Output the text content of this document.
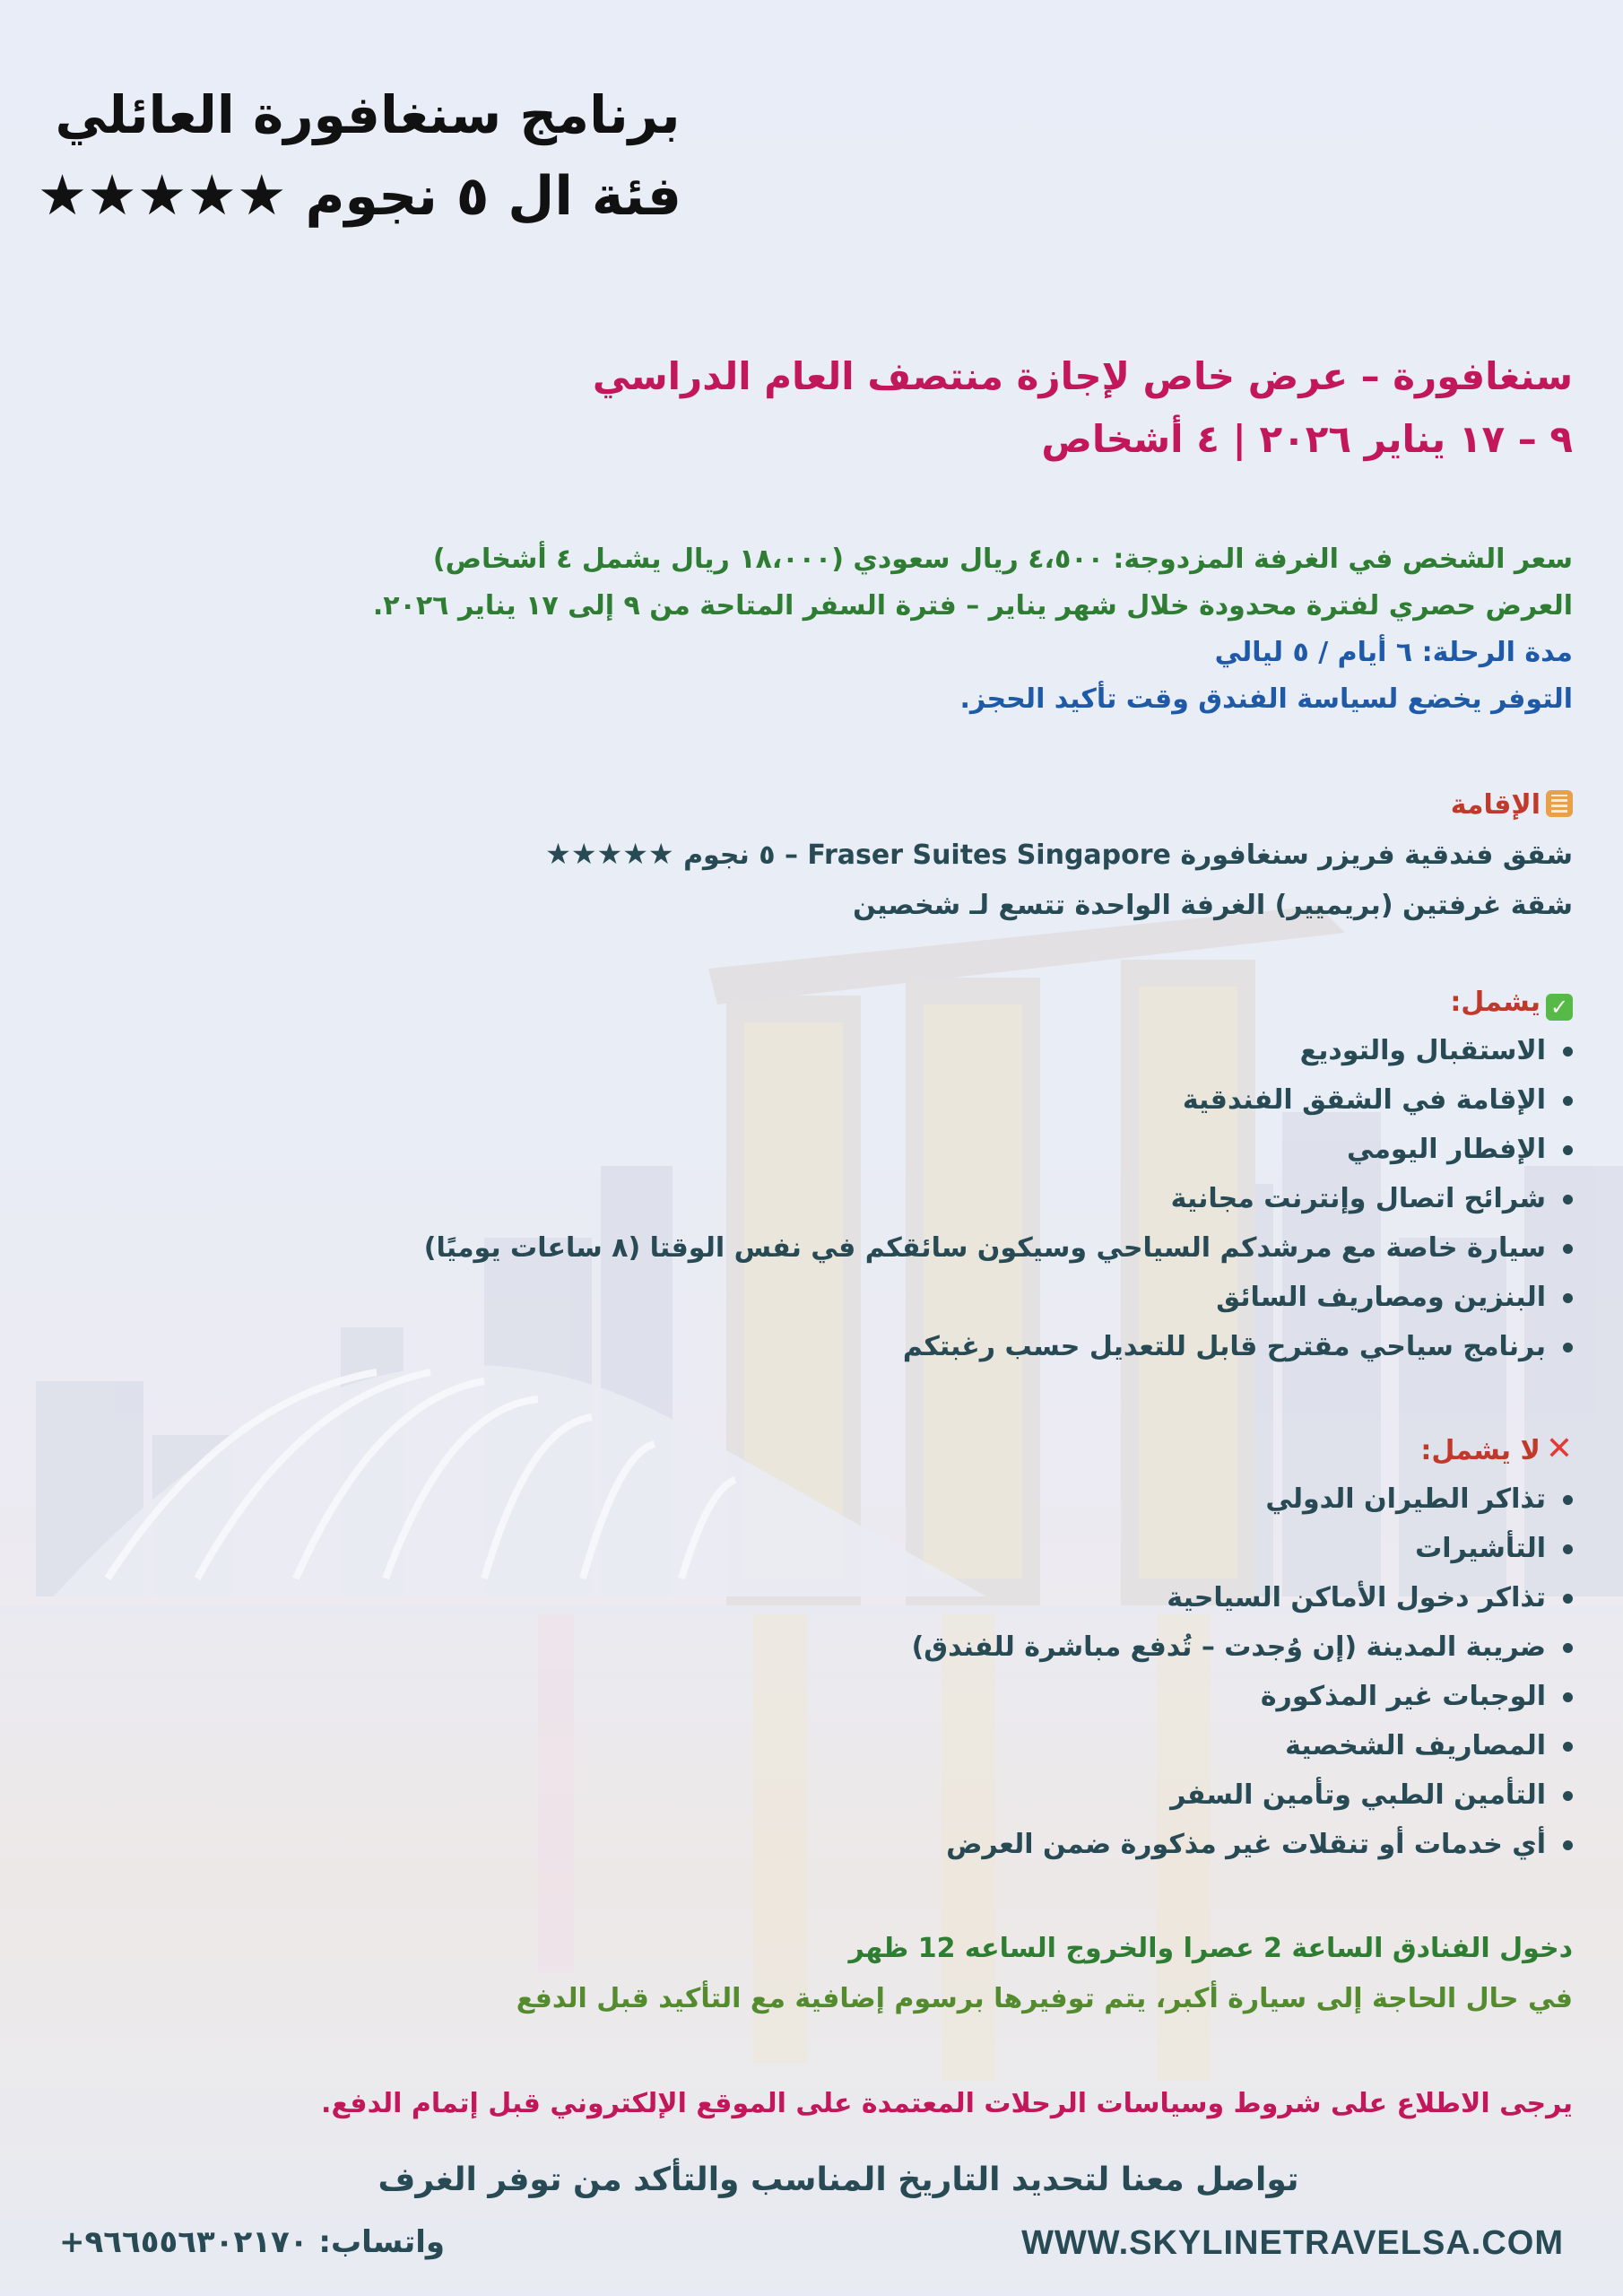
برنامج سنغافورة العائلي
فئة ال ٥ نجوم ★★★★★
سنغافورة – عرض خاص لإجازة منتصف العام الدراسي
٩ – ١٧ يناير ٢٠٢٦ | ٤ أشخاص
سعر الشخص في الغرفة المزدوجة: ٤،٥٠٠ ريال سعودي (١٨،٠٠٠ ريال يشمل ٤ أشخاص)
العرض حصري لفترة محدودة خلال شهر يناير – فترة السفر المتاحة من ٩ إلى ١٧ يناير ٢٠٢٦.
مدة الرحلة: ٦ أيام / ٥ ليالي
التوفر يخضع لسياسة الفندق وقت تأكيد الحجز.
الإقامة
شقق فندقية فريزر سنغافورة Fraser Suites Singapore – ٥ نجوم ★★★★★
شقة غرفتين (بريميير) الغرفة الواحدة تتسع لـ شخصين
✓يشمل:
الاستقبال والتوديع
الإقامة في الشقق الفندقية
الإفطار اليومي
شرائح اتصال وإنترنت مجانية
سيارة خاصة مع مرشدكم السياحي وسيكون سائقكم في نفس الوقتا (٨ ساعات يوميًا)
البنزين ومصاريف السائق
برنامج سياحي مقترح قابل للتعديل حسب رغبتكم
✕لا يشمل:
تذاكر الطيران الدولي
التأشيرات
تذاكر دخول الأماكن السياحية
ضريبة المدينة (إن وُجدت – تُدفع مباشرة للفندق)
الوجبات غير المذكورة
المصاريف الشخصية
التأمين الطبي وتأمين السفر
أي خدمات أو تنقلات غير مذكورة ضمن العرض
دخول الفنادق الساعة 2 عصرا والخروج الساعه 12 ظهر
في حال الحاجة إلى سيارة أكبر، يتم توفيرها برسوم إضافية مع التأكيد قبل الدفع
يرجى الاطلاع على شروط وسياسات الرحلات المعتمدة على الموقع الإلكتروني قبل إتمام الدفع.
تواصل معنا لتحديد التاريخ المناسب والتأكد من توفر الغرف
واتساب: ٩٦٦٥٥٦٣٠٢١٧٠+	WWW.SKYLINETRAVELSA.COM
